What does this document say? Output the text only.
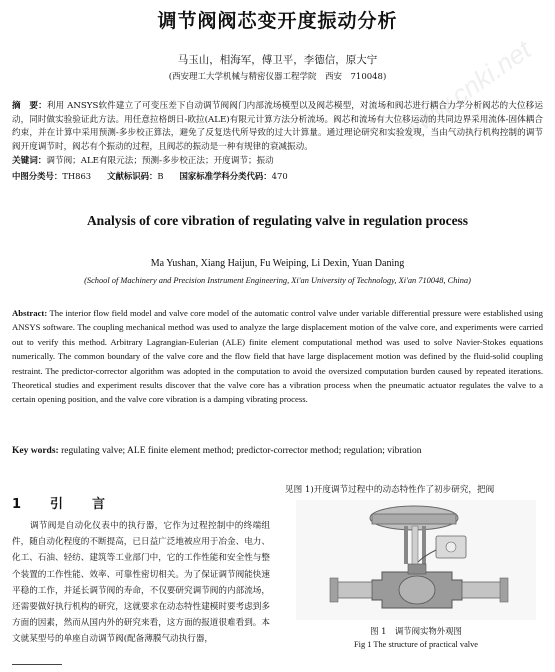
www.cnki.net
调节阀阀芯变开度振动分析
马玉山，相海军，傅卫平，李德信，原大宁
(西安理工大学机械与精密仪器工程学院　西安　710048)
摘　要：利用 ANSYS软件建立了可变压差下自动调节阀阀门内部流场模型以及阀芯模型，对流场和阀芯进行耦合力学分析阀芯的大位移运动，同时做实验验证此方法。用任意拉格朗日-欧拉(ALE)有限元计算方法分析流场。阀芯和流场有大位移运动的共同边界采用流体-固体耦合约束，并在计算中采用预测-多步校正算法，避免了反复迭代所导致的过大计算量。通过理论研究和实验发现，当由气动执行机构控制的调节阀开度调节时，阀芯有个振动的过程，且阀芯的振动是一种有规律的衰减振动。
关键词：调节阀；ALE有限元法；预测-多步校正法；开度调节；振动
中图分类号：TH863 文献标识码：B 国家标准学科分类代码：470
Analysis of core vibration of regulating valve in regulation process
Ma Yushan, Xiang Haijun, Fu Weiping, Li Dexin, Yuan Daning
(School of Machinery and Precision Instrument Engineering, Xi'an University of Technology, Xi'an 710048, China)
Abstract: The interior flow field model and valve core model of the automatic control valve under variable differential pressure were established using ANSYS software. The coupling mechanical method was used to analyze the large displacement motion of the valve core, and experiments were carried out to verify this method. Arbitrary Lagrangian-Eulerian (ALE) finite element computational method was used to solve Navier-Stokes equations numerically. The common boundary of the valve core and the flow field that have large displacement motion was defined by the fluid-solid coupling restraint. The predictor-corrector algorithm was adopted in the computation to avoid the oversized computation burden caused by repeated iterations. Theoretical studies and experiment results discover that the valve core has a vibration process when the pneumatic actuator regulates the valve to a certain opening position, and the valve core vibration is a damping vibrating process.
Key words: regulating valve; ALE finite element method; predictor-corrector method; regulation; vibration
1　引　言
调节阀是自动化仪表中的执行器，它作为过程控制中的终端组件，随自动化程度的不断提高，已日益广泛地被应用于冶金、电力、化工、石油、轻纺、建筑等工业部门中，它的工作性能和安全性与整个装置的工作性能、效率、可靠性密切相关。为了保证调节阀能快速平稳的工作，并延长调节阀的寿命，不仅要研究调节阀的内部流场，还需要做好执行机构的研究，这就要求在动态特性建模时要考虑到多方面的因素，然而从国内外的研究来看，这方面的报道很难看到。本文就某型号的单座自动调节阀(配备薄膜气动执行器，
见图 1)开度调节过程中的动态特性作了初步研究，把阀
图 1　调节阀实物外观图
Fig 1 The structure of practical valve
